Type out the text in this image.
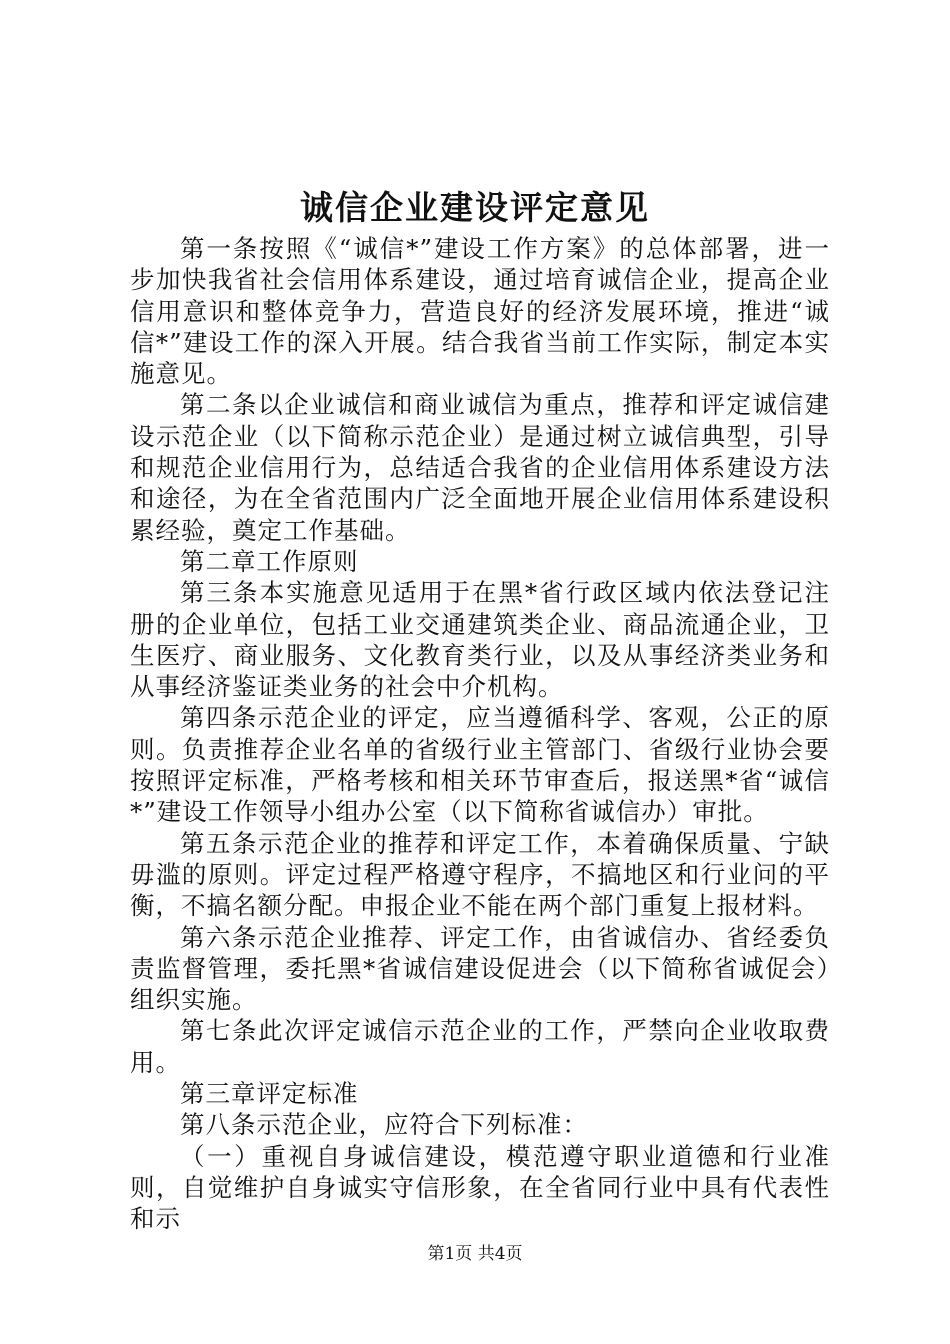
诚信企业建设评定意见

第一条按照《“诚信*”建设工作方案》的总体部署，进一步加快我省社会信用体系建设，通过培育诚信企业，提高企业信用意识和整体竞争力，营造良好的经济发展环境，推进“诚信*”建设工作的深入开展。结合我省当前工作实际，制定本实施意见。

第二条以企业诚信和商业诚信为重点，推荐和评定诚信建设示范企业（以下简称示范企业）是通过树立诚信典型，引导和规范企业信用行为，总结适合我省的企业信用体系建设方法和途径，为在全省范围内广泛全面地开展企业信用体系建设积累经验，奠定工作基础。

第二章工作原则

第三条本实施意见适用于在黑*省行政区域内依法登记注册的企业单位，包括工业交通建筑类企业、商品流通企业，卫生医疗、商业服务、文化教育类行业，以及从事经济类业务和从事经济鉴证类业务的社会中介机构。

第四条示范企业的评定，应当遵循科学、客观，公正的原则。负责推荐企业名单的省级行业主管部门、省级行业协会要按照评定标准，严格考核和相关环节审查后，报送黑*省“诚信*”建设工作领导小组办公室（以下简称省诚信办）审批。

第五条示范企业的推荐和评定工作，本着确保质量、宁缺毋滥的原则。评定过程严格遵守程序，不搞地区和行业问的平衡，不搞名额分配。申报企业不能在两个部门重复上报材料。

第六条示范企业推荐、评定工作，由省诚信办、省经委负责监督管理，委托黑*省诚信建设促进会（以下简称省诚促会）组织实施。

第七条此次评定诚信示范企业的工作，严禁向企业收取费用。

第三章评定标准

第八条示范企业，应符合下列标准：

（一）重视自身诚信建设，模范遵守职业道德和行业准则，自觉维护自身诚实守信形象，在全省同行业中具有代表性和示

第1页 共4页
